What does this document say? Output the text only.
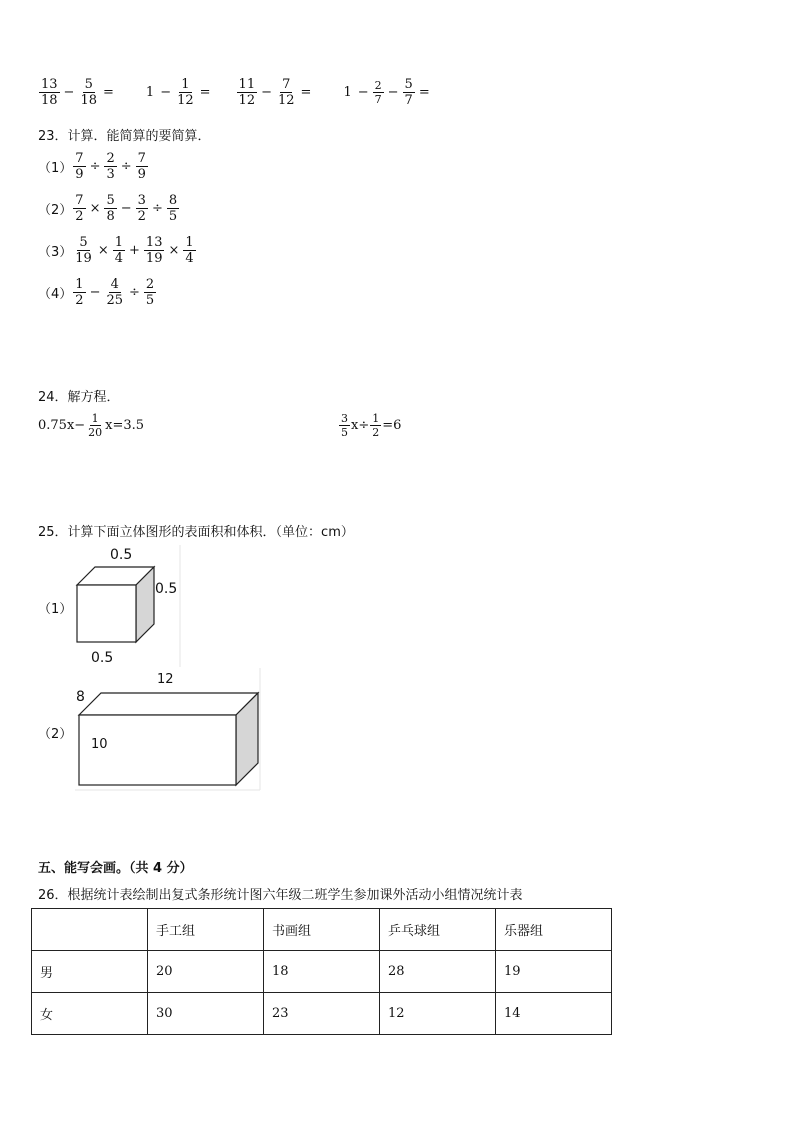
$\frac{13}{18} - \frac{5}{18} = 1 - \frac{1}{12} = \frac{11}{12} - \frac{7}{12} = 1 - \frac{2}{7} - \frac{5}{7}$ =
23．计算．能简算的要简算．
$(1) \frac{7}{9} \div \frac{2}{3} \div \frac{7}{9}$
$(2) \frac{7}{2} \times \frac{5}{8} - \frac{3}{2} \div \frac{8}{5}$
$(3) \frac{5}{19} \times \frac{1}{4} + \frac{13}{19} \times \frac{1}{4}$
$(4) \frac{1}{2} - \frac{4}{25} \div \frac{2}{5}$
24．解方程．
$0.75x- \frac{1}{20} x=3.5$	$\frac{3}{5} x\div \frac{1}{2} =6$
25．计算下面立体图形的表面积和体积．（单位：cm）
（1）
0.5
0.5
0.5
（2）
12
8
10
五、能写会画。（共 4 分）
26．根据统计表绘制出复式条形统计图六年级二班学生参加课外活动小组情况统计表
	手工组	书画组	乒乓球组	乐器组
男	20	18	28	19
女	30	23	12	14
